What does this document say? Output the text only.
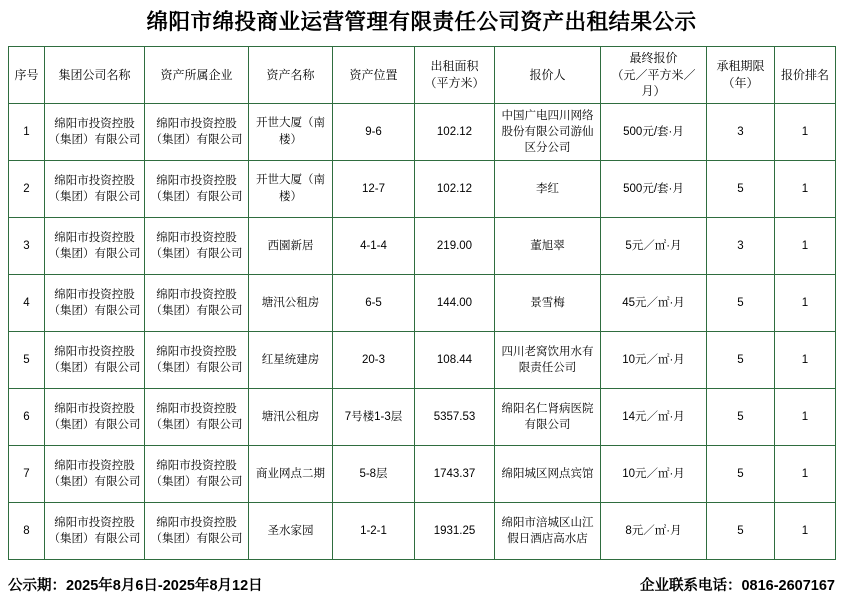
绵阳市绵投商业运营管理有限责任公司资产出租结果公示
序号	集团公司名称	资产所属企业	资产名称	资产位置	出租面积
（平方米）	报价人	最终报价
（元／平方米／月）	承租期限
（年）	报价排名

1	绵阳市投资控股
（集团）有限公司	绵阳市投资控股
（集团）有限公司	开世大厦（南楼）	9-6	102.12	中国广电四川网络
股份有限公司游仙
区分公司	500元/套·月	3	1
2	绵阳市投资控股
（集团）有限公司	绵阳市投资控股
（集团）有限公司	开世大厦（南楼）	12-7	102.12	李红	500元/套·月	5	1
3	绵阳市投资控股
（集团）有限公司	绵阳市投资控股
（集团）有限公司	西園新居	4-1-4	219.00	董旭翠	5元／㎡·月	3	1
4	绵阳市投资控股
（集团）有限公司	绵阳市投资控股
（集团）有限公司	塘汛公租房	6-5	144.00	景雪梅	45元／㎡·月	5	1
5	绵阳市投资控股
（集团）有限公司	绵阳市投资控股
（集团）有限公司	红星统建房	20-3	108.44	四川老窝饮用水有
限责任公司	10元／㎡·月	5	1
6	绵阳市投资控股
（集团）有限公司	绵阳市投资控股
（集团）有限公司	塘汛公租房	7号楼1-3层	5357.53	绵阳名仁肾病医院
有限公司	14元／㎡·月	5	1
7	绵阳市投资控股
（集团）有限公司	绵阳市投资控股
（集团）有限公司	商业网点二期	5-8层	1743.37	绵阳城区网点宾馆	10元／㎡·月	5	1
8	绵阳市投资控股
（集团）有限公司	绵阳市投资控股
（集团）有限公司	圣水家园	1-2-1	1931.25	绵阳市涪城区山江
假日酒店高水店	8元／㎡·月	5	1
公示期：2025年8月6日-2025年8月12日	企业联系电话：0816-2607167
